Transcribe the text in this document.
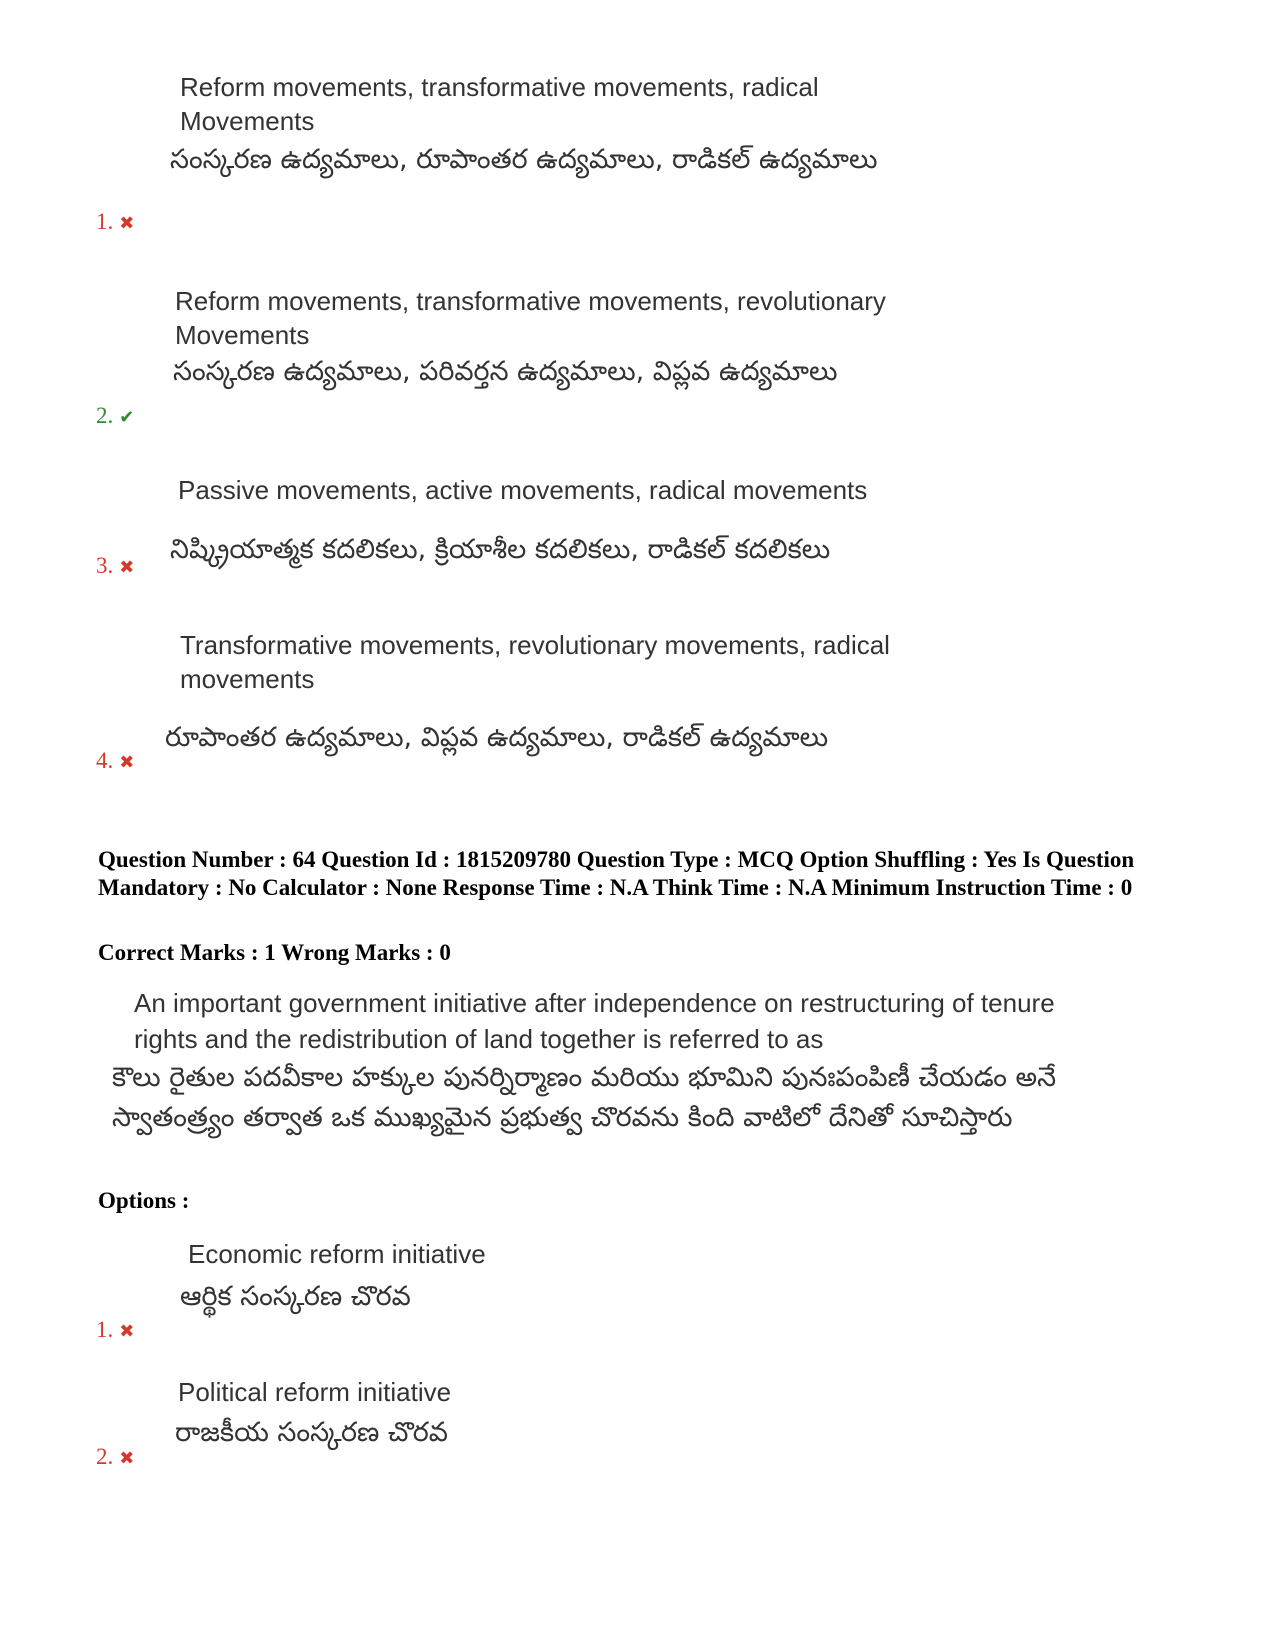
Reform movements, transformative movements, radical Movements
సంస్కరణ ఉద్యమాలు, రూపాంతర ఉద్యమాలు, రాడికల్ ఉద్యమాలు
1. ✖
Reform movements, transformative movements, revolutionary Movements
సంస్కరణ ఉద్యమాలు, పరివర్తన ఉద్యమాలు, విప్లవ ఉద్యమాలు
2. ✔
Passive movements, active movements, radical movements
నిష్క్రియాత్మక కదలికలు, క్రియాశీల కదలికలు, రాడికల్ కదలికలు
3. ✖
Transformative movements, revolutionary movements, radical movements
రూపాంతర ఉద్యమాలు, విప్లవ ఉద్యమాలు, రాడికల్ ఉద్యమాలు
4. ✖
Question Number : 64 Question Id : 1815209780 Question Type : MCQ Option Shuffling : Yes Is Question Mandatory : No Calculator : None Response Time : N.A Think Time : N.A Minimum Instruction Time : 0
Correct Marks : 1 Wrong Marks : 0
An important government initiative after independence on restructuring of tenure rights and the redistribution of land together is referred to as
కౌలు రైతుల పదవీకాల హక్కుల పునర్నిర్మాణం మరియు భూమిని పునఃపంపిణీ చేయడం అనే స్వాతంత్ర్యం తర్వాత ఒక ముఖ్యమైన ప్రభుత్వ చొరవను కింది వాటిలో దేనితో సూచిస్తారు
Options :
Economic reform initiative
ఆర్థిక సంస్కరణ చొరవ
1. ✖
Political reform initiative
రాజకీయ సంస్కరణ చొరవ
2. ✖
